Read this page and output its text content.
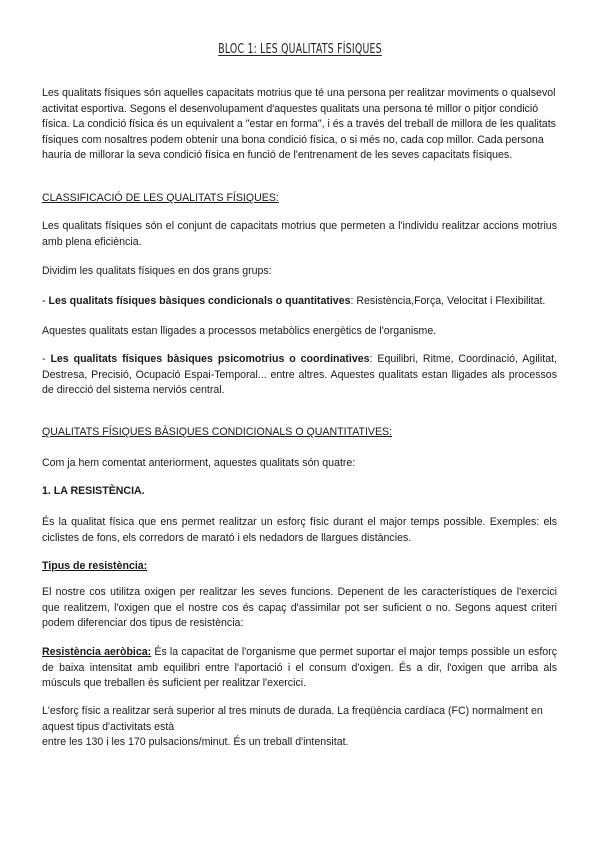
BLOC 1: LES QUALITATS FÍSIQUES

Les qualitats físiques són aquelles capacitats motrius que té una persona per realitzar moviments o qualsevol activitat esportiva. Segons el desenvolupament d'aquestes qualitats una persona té millor o pitjor condició física. La condició física és un equivalent a "estar en forma", i és a través del treball de millora de les qualitats físiques com nosaltres podem obtenir una bona condició física, o si més no, cada cop millor. Cada persona hauria de millorar la seva condició física en funció de l'entrenament de les seves capacitats físiques.

CLASSIFICACIÓ DE LES QUALITATS FÍSIQUES:

Les qualitats físiques són el conjunt de capacitats motrius que permeten a l'individu realitzar accions motrius amb plena eficiència.

Dividim les qualitats físiques en dos grans grups:

- Les qualitats físiques bàsiques condicionals o quantitatives: Resistència,Força, Velocitat i Flexibilitat.

Aquestes qualitats estan lligades a processos metabòlics energètics de l'organisme.

- Les qualitats físiques bàsiques psicomotrius o coordinatives: Equilibri, Ritme, Coordinació, Agilitat, Destresa, Precisió, Ocupació Espai-Temporal... entre altres. Aquestes qualitats estan lligades als processos de direcció del sistema nerviós central.

QUALITATS FÍSIQUES BÀSIQUES CONDICIONALS O QUANTITATIVES:

Com ja hem comentat anteriorment, aquestes qualitats són quatre:

1. LA RESISTÈNCIA.

És la qualitat física que ens permet realitzar un esforç físic durant el major temps possible. Exemples: els ciclistes de fons, els corredors de marató i els nedadors de llargues distàncies.

Tipus de resistència:

El nostre cos utilitza oxigen per realitzar les seves funcions. Depenent de les característiques de l'exercici que realitzem, l'oxigen que el nostre cos és capaç d'assimilar pot ser suficient o no. Segons aquest criteri podem diferenciar dos tipus de resistència:

Resistència aeròbica: És la capacitat de l'organisme que permet suportar el major temps possible un esforç de baixa intensitat amb equilibri entre l'aportació i el consum d'oxigen. És a dir, l'oxigen que arriba als músculs que treballen és suficient per realitzar l'exercici.

L'esforç físic a realitzar serà superior al tres minuts de durada. La freqüència cardíaca (FC) normalment en aquest tipus d'activitats està
entre les 130 i les 170 pulsacions/minut. És un treball d'intensitat.
